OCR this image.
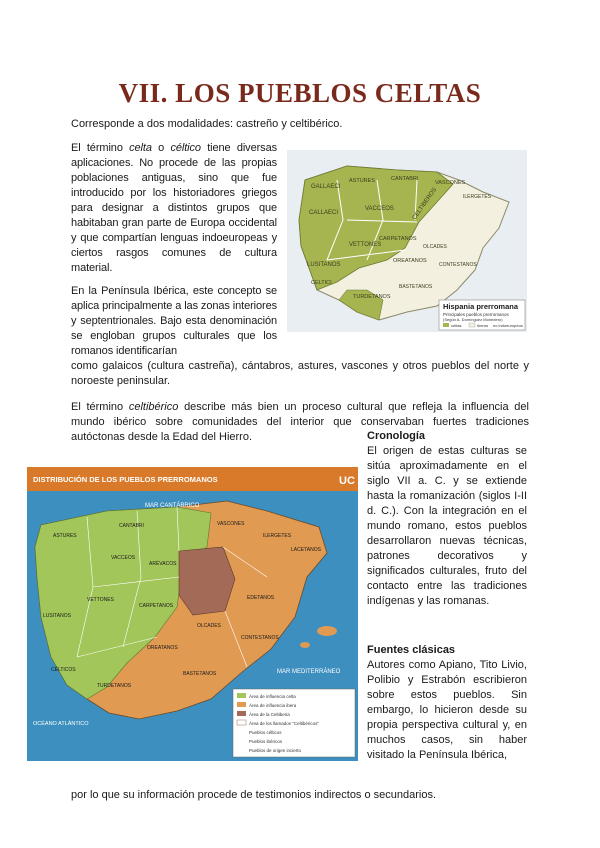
VII. LOS PUEBLOS CELTAS

Corresponde a dos modalidades: castreño y celtibérico.

El término celta o céltico tiene diversas aplicaciones. No procede de las propias poblaciones antiguas, sino que fue introducido por los historiadores griegos para designar a distintos grupos que habitaban gran parte de Europa occidental y que compartían lenguas indoeuropeas y ciertos rasgos comunes de cultura material.

En la Península Ibérica, este concepto se aplica principalmente a las zonas interiores y septentrionales. Bajo esta denominación se engloban grupos culturales que los romanos identificarían

como galaicos (cultura castreña), cántabros, astures, vascones y otros pueblos del norte y noroeste peninsular.

El término celtibérico describe más bien un proceso cultural que refleja la influencia del mundo ibérico sobre comunidades del interior que conservaban fuertes tradiciones autóctonas desde la Edad del Hierro.

GALLAECI
ASTURES	CANTABRI
VASCONES
CALLAECI
VACCEOS	CELTIBEROS
VETTONES
LUSITANOS
CARPETANOS
OLCADES
OREATANOS
TURDETANOS
CELTICI
BASTETANOS
CONTESTANOS
ILERGETES
Hispania prerromana
Principales pueblos prerromanos
(Según A. Domínguez Monedero)
celtas	íberos no indoeuropeos
DISTRIBUCIÓN DE LOS PUEBLOS PRERROMANOS	UC
MAR CANTÁBRICO
MAR MEDITERRÁNEO
OCÉANO ATLÁNTICO
ASTURES
CANTABRI	VASCONES
VACCEOS
ARÉVACOS
VETTONES
CARPETANOS
LUSITANOS
CÉLTICOS
TURDETANOS
OLCADES
EDETANOS
ILERGETES
CONTESTANOS
BASTETANOS
LACETANOS
OREATANOS
Área de influencia celta
Área de influencia ibera
Área de la Celtiberia
Área de los llamados "Celtibéricos"
Pueblos célticos
Pueblos ibéricos
Pueblos de origen incierto

Cronología

El origen de estas culturas se sitúa aproximadamente en el siglo VII a. C. y se extiende hasta la romanización (siglos I-II d. C.). Con la integración en el mundo romano, estos pueblos desarrollaron nuevas técnicas, patrones decorativos y significados culturales, fruto del contacto entre las tradiciones indígenas y las romanas.

Fuentes clásicas

Autores como Apiano, Tito Livio, Polibio y Estrabón escribieron sobre estos pueblos. Sin embargo, lo hicieron desde su propia perspectiva cultural y, en muchos casos, sin haber visitado la Península Ibérica,

por lo que su información procede de testimonios indirectos o secundarios.
